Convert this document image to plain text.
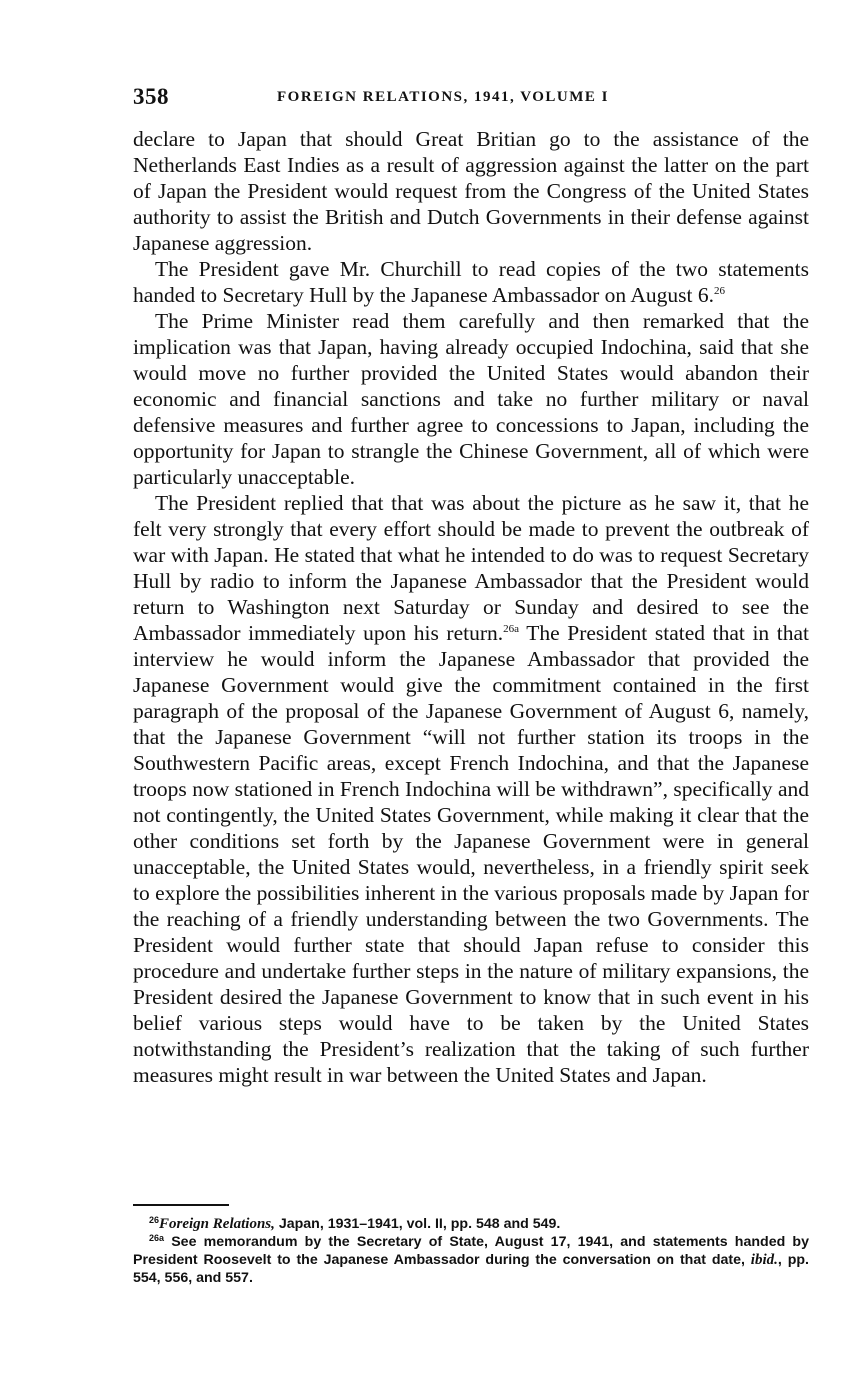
358	FOREIGN RELATIONS, 1941, VOLUME I

declare to Japan that should Great Britian go to the assistance of the Netherlands East Indies as a result of aggression against the latter on the part of Japan the President would request from the Congress of the United States authority to assist the British and Dutch Governments in their defense against Japanese aggression.

The President gave Mr. Churchill to read copies of the two statements handed to Secretary Hull by the Japanese Ambassador on August 6.26

The Prime Minister read them carefully and then remarked that the implication was that Japan, having already occupied Indochina, said that she would move no further provided the United States would abandon their economic and financial sanctions and take no further military or naval defensive measures and further agree to concessions to Japan, including the opportunity for Japan to strangle the Chinese Government, all of which were particularly unacceptable.

The President replied that that was about the picture as he saw it, that he felt very strongly that every effort should be made to prevent the outbreak of war with Japan. He stated that what he intended to do was to request Secretary Hull by radio to inform the Japanese Ambassador that the President would return to Washington next Saturday or Sunday and desired to see the Ambassador immediately upon his return.$^{26a}$ The President stated that in that interview he would inform the Japanese Ambassador that provided the Japanese Government would give the commitment contained in the first paragraph of the proposal of the Japanese Government of August 6, namely, that the Japanese Government “will not further station its troops in the Southwestern Pacific areas, except French Indochina, and that the Japanese troops now stationed in French Indochina will be withdrawn”, specifically and not contingently, the United States Government, while making it clear that the other conditions set forth by the Japanese Government were in general unacceptable, the United States would, nevertheless, in a friendly spirit seek to explore the possibilities inherent in the various proposals made by Japan for the reaching of a friendly understanding between the two Governments. The President would further state that should Japan refuse to consider this procedure and undertake further steps in the nature of military expansions, the President desired the Japanese Government to know that in such event in his belief various steps would have to be taken by the United States notwithstanding the President’s realization that the taking of such further measures might result in war between the United States and Japan.

$^{26}$Foreign Relations, Japan, 1931–1941, vol. II, pp. 548 and 549.

$^{26a}$ See memorandum by the Secretary of State, August 17, 1941, and statements handed by President Roosevelt to the Japanese Ambassador during the conversation on that date, ibid., pp. 554, 556, and 557.
